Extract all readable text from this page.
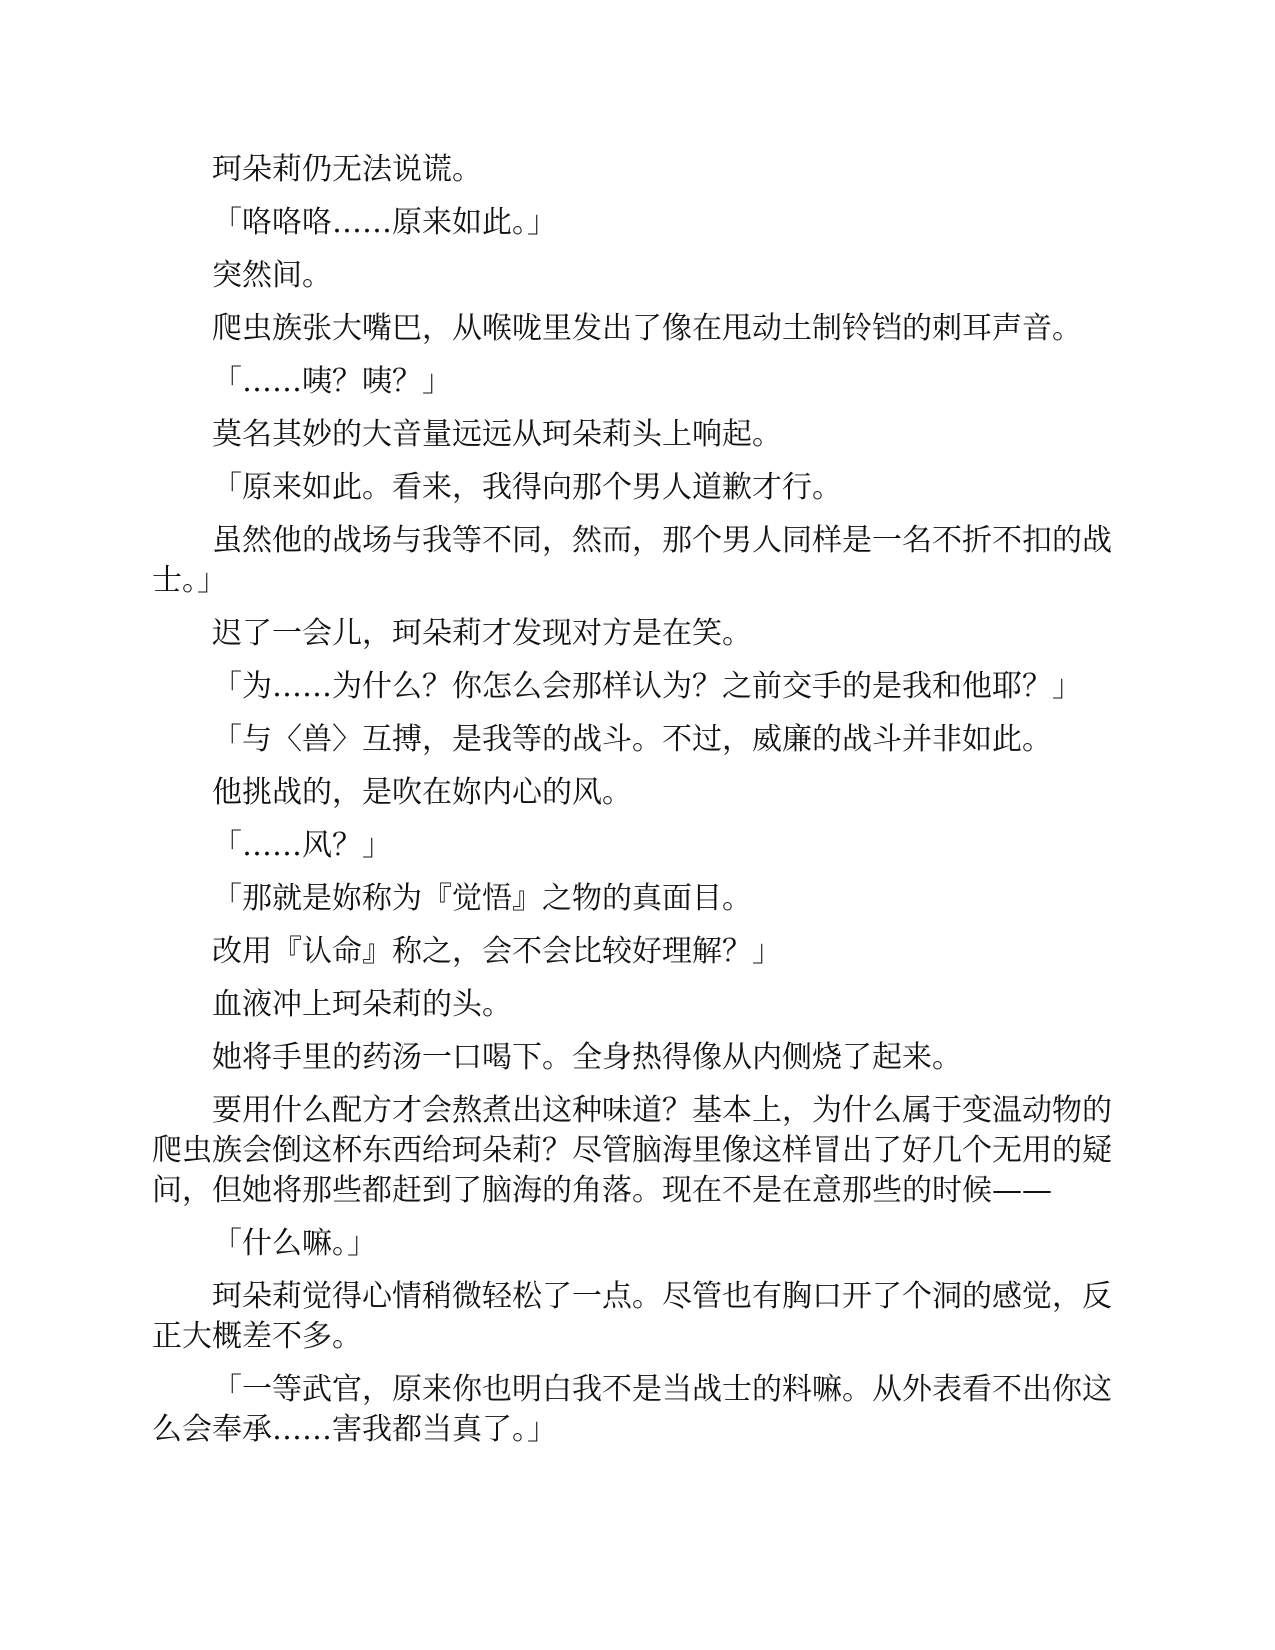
珂朵莉仍无法说谎。

「咯咯咯……原来如此。」

突然间。

爬虫族张大嘴巴，从喉咙里发出了像在甩动土制铃铛的刺耳声音。

「……咦？咦？」

莫名其妙的大音量远远从珂朵莉头上响起。

「原来如此。看来，我得向那个男人道歉才行。

虽然他的战场与我等不同，然而，那个男人同样是一名不折不扣的战士。」

迟了一会儿，珂朵莉才发现对方是在笑。

「为……为什么？你怎么会那样认为？之前交手的是我和他耶？」

「与〈兽〉互搏，是我等的战斗。不过，威廉的战斗并非如此。

他挑战的，是吹在妳内心的风。

「……风？」

「那就是妳称为『觉悟』之物的真面目。

改用『认命』称之，会不会比较好理解？」

血液冲上珂朵莉的头。

她将手里的药汤一口喝下。全身热得像从内侧烧了起来。

要用什么配方才会熬煮出这种味道？基本上，为什么属于变温动物的爬虫族会倒这杯东西给珂朵莉？尽管脑海里像这样冒出了好几个无用的疑问，但她将那些都赶到了脑海的角落。现在不是在意那些的时候——

「什么嘛。」

珂朵莉觉得心情稍微轻松了一点。尽管也有胸口开了个洞的感觉，反正大概差不多。

「一等武官，原来你也明白我不是当战士的料嘛。从外表看不出你这么会奉承……害我都当真了。」
